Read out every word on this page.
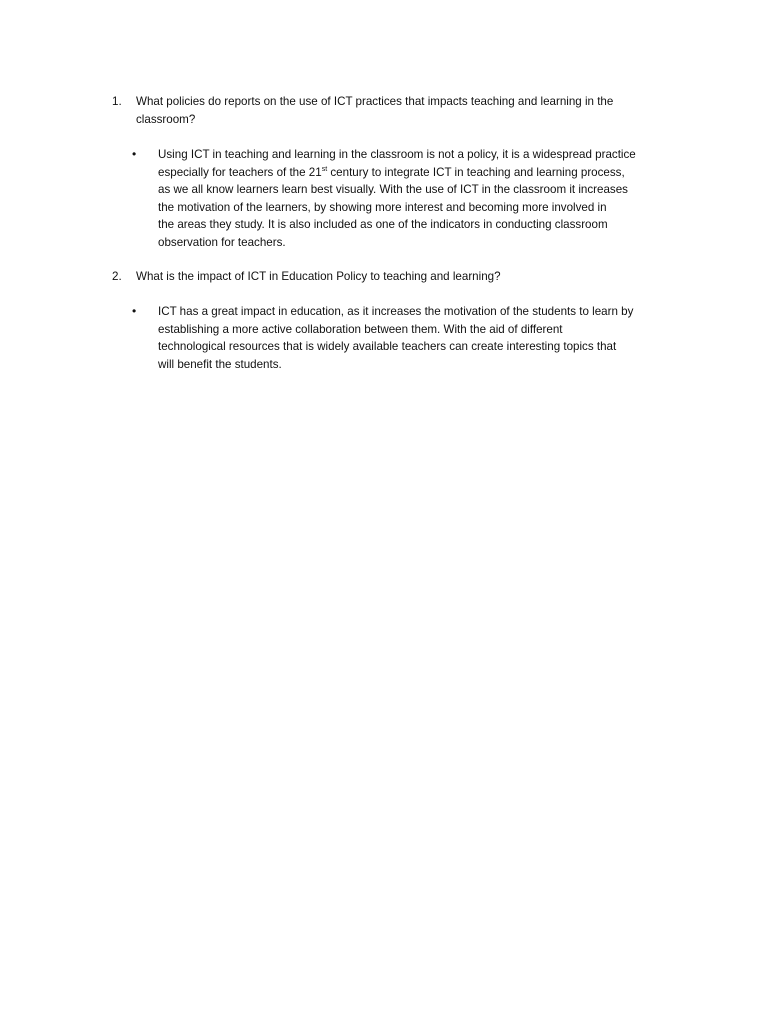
1. What policies do reports on the use of ICT practices that impacts teaching and learning in the
classroom?
• Using ICT in teaching and learning in the classroom is not a policy, it is a widespread practice
especially for teachers of the 21st century to integrate ICT in teaching and learning process,
as we all know learners learn best visually. With the use of ICT in the classroom it increases
the motivation of the learners, by showing more interest and becoming more involved in
the areas they study. It is also included as one of the indicators in conducting classroom
observation for teachers.
2. What is the impact of ICT in Education Policy to teaching and learning?
• ICT has a great impact in education, as it increases the motivation of the students to learn by
establishing a more active collaboration between them. With the aid of different
technological resources that is widely available teachers can create interesting topics that
will benefit the students.
